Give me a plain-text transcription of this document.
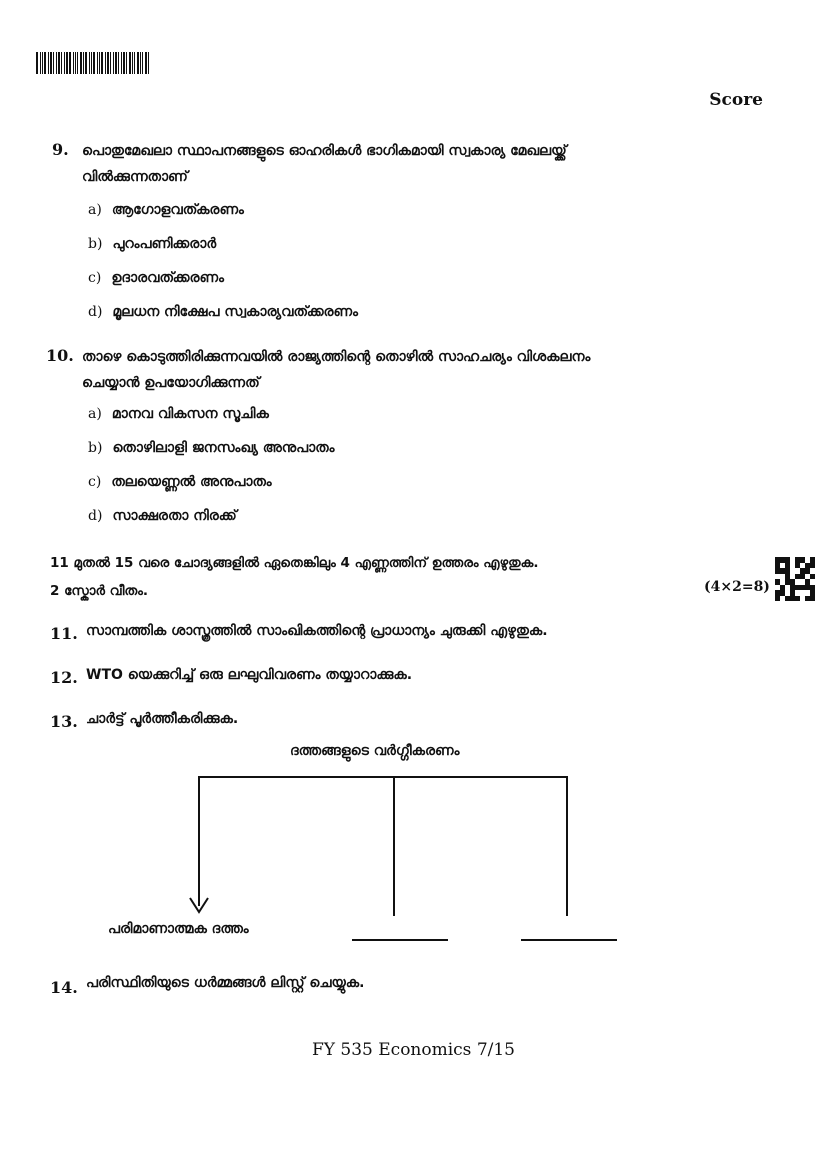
Score
9. പൊതുമേഖലാ സ്ഥാപനങ്ങളുടെ ഓഹരികൾ ഭാഗികമായി സ്വകാര്യ മേഖലയ്ക്ക്
വിൽക്കുന്നതാണ്
a) ആഗോളവത്കരണം
b) പുറംപണിക്കരാർ
c) ഉദാരവത്ക്കരണം
d) മൂലധന നിക്ഷേപ സ്വകാര്യവത്ക്കരണം
10. താഴെ കൊടുത്തിരിക്കുന്നവയിൽ രാജ്യത്തിന്റെ തൊഴിൽ സാഹചര്യം വിശകലനം
ചെയ്യാൻ ഉപയോഗിക്കുന്നത്
a) മാനവ വികസന സൂചിക
b) തൊഴിലാളി ജനസംഖ്യ അനുപാതം
c) തലയെണ്ണൽ അനുപാതം
d) സാക്ഷരതാ നിരക്ക്
11 മുതൽ 15 വരെ ചോദ്യങ്ങളിൽ ഏതെങ്കിലും 4 എണ്ണത്തിന് ഉത്തരം എഴുതുക.
2 സ്കോർ വീതം.	(4×2=8)
11. സാമ്പത്തിക ശാസ്ത്രത്തിൽ സാംഖികത്തിന്റെ പ്രാധാന്യം ചുരുക്കി എഴുതുക.
12. WTO യെക്കുറിച്ച് ഒരു ലഘുവിവരണം തയ്യാറാക്കുക.
13. ചാർട്ട് പൂർത്തീകരിക്കുക.
ദത്തങ്ങളുടെ വർഗ്ഗീകരണം
പരിമാണാത്മക ദത്തം
14. പരിസ്ഥിതിയുടെ ധർമ്മങ്ങൾ ലിസ്റ്റ് ചെയ്യുക.
FY 535 Economics 7/15
